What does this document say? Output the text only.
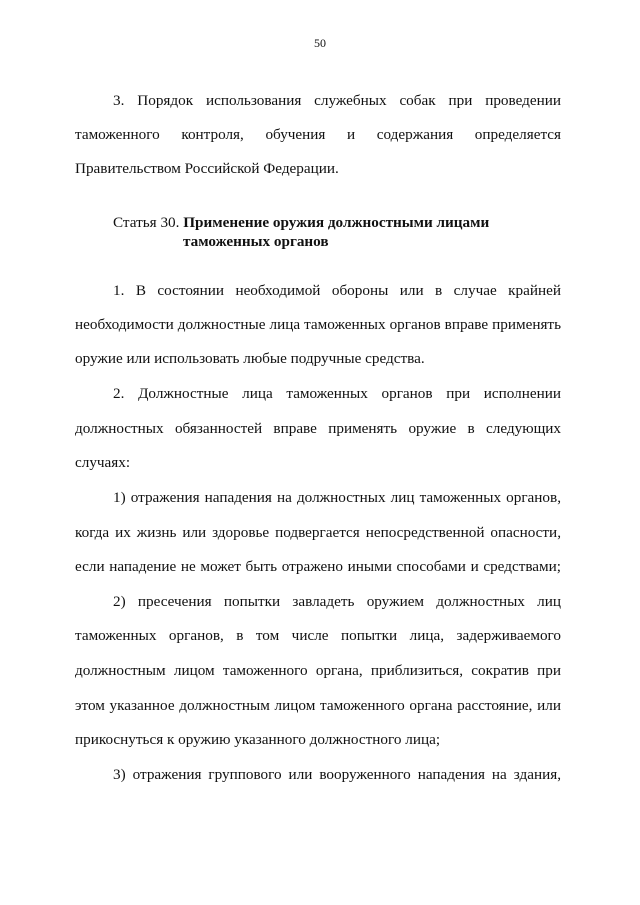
50
3. Порядок использования служебных собак при проведении
таможенного контроля, обучения и содержания определяется
Правительством Российской Федерации.
Статья 30. Применение оружия должностными лицами
таможенных органов
1. В состоянии необходимой обороны или в случае крайней
необходимости должностные лица таможенных органов вправе применять
оружие или использовать любые подручные средства.
2. Должностные лица таможенных органов при исполнении
должностных обязанностей вправе применять оружие в следующих
случаях:
1) отражения нападения на должностных лиц таможенных органов,
когда их жизнь или здоровье подвергается непосредственной опасности,
если нападение не может быть отражено иными способами и средствами;
2) пресечения попытки завладеть оружием должностных лиц
таможенных органов, в том числе попытки лица, задерживаемого
должностным лицом таможенного органа, приблизиться, сократив при
этом указанное должностным лицом таможенного органа расстояние, или
прикоснуться к оружию указанного должностного лица;
3) отражения группового или вооруженного нападения на здания,
